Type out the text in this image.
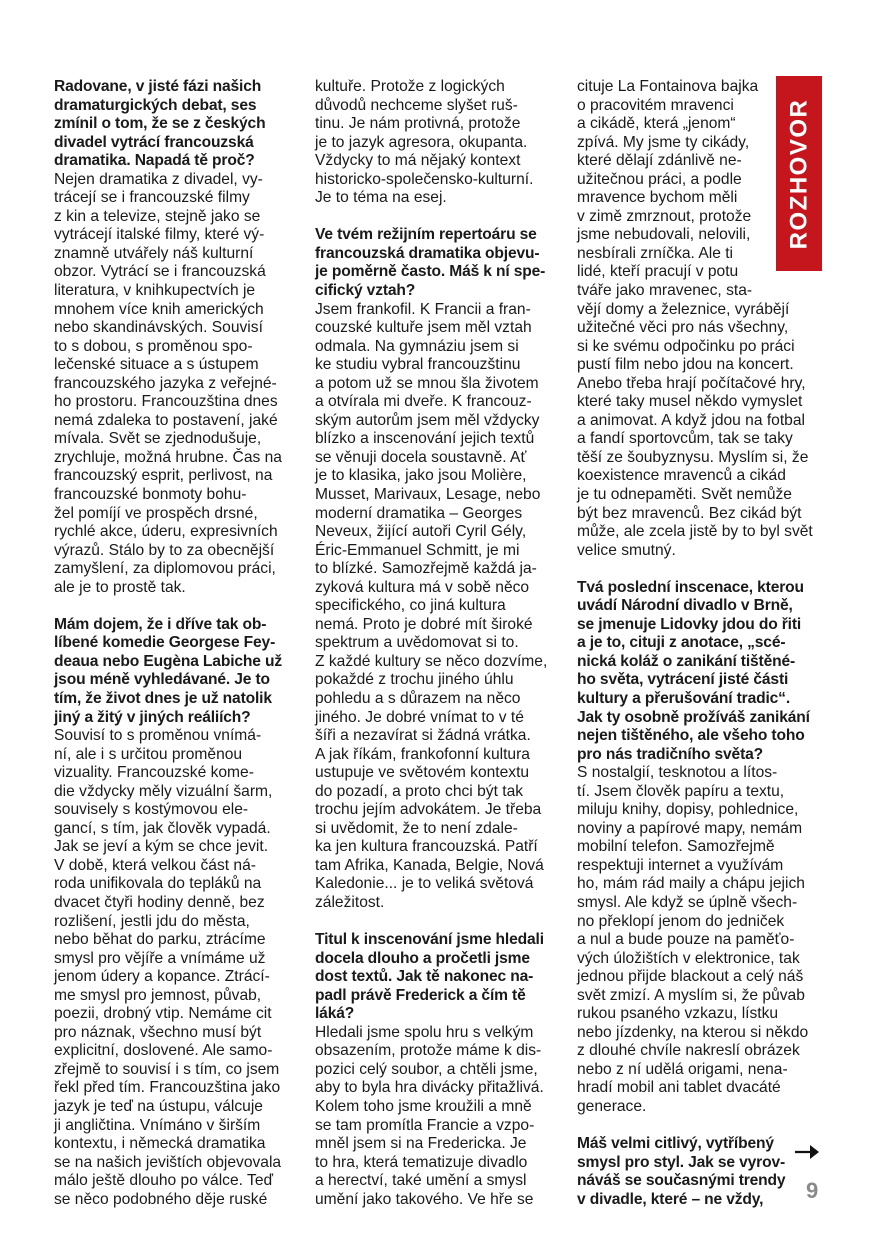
Radovane, v jisté fázi našich
dramaturgických debat, ses
zmínil o tom, že se z českých
divadel vytrácí francouzská
dramatika. Napadá tě proč?
Nejen dramatika z divadel, vy-
trácejí se i francouzské filmy
z kin a televize, stejně jako se
vytrácejí italské filmy, které vý-
znamně utvářely náš kulturní
obzor. Vytrácí se i francouzská
literatura, v knihkupectvích je
mnohem více knih amerických
nebo skandinávských. Souvisí
to s dobou, s proměnou spo-
lečenské situace a s ústupem
francouzského jazyka z veřejné-
ho prostoru. Francouzština dnes
nemá zdaleka to postavení, jaké
mívala. Svět se zjednodušuje,
zrychluje, možná hrubne. Čas na
francouzský esprit, perlivost, na
francouzské bonmoty bohu-
žel pomíjí ve prospěch drsné,
rychlé akce, úderu, expresivních
výrazů. Stálo by to za obecnější
zamyšlení, za diplomovou práci,
ale je to prostě tak.
Mám dojem, že i dříve tak ob-
líbené komedie Georgese Fey-
deaua nebo Eugèna Labiche už
jsou méně vyhledávané. Je to
tím, že život dnes je už natolik
jiný a žitý v jiných reáliích?
Souvisí to s proměnou vnímá-
ní, ale i s určitou proměnou
vizuality. Francouzské kome-
die vždycky měly vizuální šarm,
souvisely s kostýmovou ele-
gancí, s tím, jak člověk vypadá.
Jak se jeví a kým se chce jevit.
V době, která velkou část ná-
roda unifikovala do tepláků na
dvacet čtyři hodiny denně, bez
rozlišení, jestli jdu do města,
nebo běhat do parku, ztrácíme
smysl pro vějíře a vnímáme už
jenom údery a kopance. Ztrácí-
me smysl pro jemnost, půvab,
poezii, drobný vtip. Nemáme cit
pro náznak, všechno musí být
explicitní, doslovené. Ale samo-
zřejmě to souvisí i s tím, co jsem
řekl před tím. Francouzština jako
jazyk je teď na ústupu, válcuje
ji angličtina. Vnímáno v širším
kontextu, i německá dramatika
se na našich jevištích objevovala
málo ještě dlouho po válce. Teď
se něco podobného děje ruské
kultuře. Protože z logických
důvodů nechceme slyšet ruš-
tinu. Je nám protivná, protože
je to jazyk agresora, okupanta.
Vždycky to má nějaký kontext
historicko-společensko-kulturní.
Je to téma na esej.
Ve tvém režijním repertoáru se
francouzská dramatika objevu-
je poměrně často. Máš k ní spe-
cifický vztah?
Jsem frankofil. K Francii a fran-
couzské kultuře jsem měl vztah
odmala. Na gymnáziu jsem si
ke studiu vybral francouzštinu
a potom už se mnou šla životem
a otvírala mi dveře. K francouz-
ským autorům jsem měl vždycky
blízko a inscenování jejich textů
se věnuji docela soustavně. Ať
je to klasika, jako jsou Molière,
Musset, Marivaux, Lesage, nebo
moderní dramatika – Georges
Neveux, žijící autoři Cyril Gély,
Éric-Emmanuel Schmitt, je mi
to blízké. Samozřejmě každá ja-
zyková kultura má v sobě něco
specifického, co jiná kultura
nemá. Proto je dobré mít široké
spektrum a uvědomovat si to.
Z každé kultury se něco dozvíme,
pokaždé z trochu jiného úhlu
pohledu a s důrazem na něco
jiného. Je dobré vnímat to v té
šíři a nezavírat si žádná vrátka.
A jak říkám, frankofonní kultura
ustupuje ve světovém kontextu
do pozadí, a proto chci být tak
trochu jejím advokátem. Je třeba
si uvědomit, že to není zdale-
ka jen kultura francouzská. Patří
tam Afrika, Kanada, Belgie, Nová
Kaledonie... je to veliká světová
záležitost.
Titul k inscenování jsme hledali
docela dlouho a pročetli jsme
dost textů. Jak tě nakonec na-
padl právě Frederick a čím tě
láká?
Hledali jsme spolu hru s velkým
obsazením, protože máme k dis-
pozici celý soubor, a chtěli jsme,
aby to byla hra divácky přitažlivá.
Kolem toho jsme kroužili a mně
se tam promítla Francie a vzpo-
mněl jsem si na Fredericka. Je
to hra, která tematizuje divadlo
a herectví, také umění a smysl
umění jako takového. Ve hře se
cituje La Fontainova bajka
o pracovitém mravenci
a cikádě, která „jenom“
zpívá. My jsme ty cikády,
které dělají zdánlivě ne-
užitečnou práci, a podle
mravence bychom měli
v zimě zmrznout, protože
jsme nebudovali, nelovili,
nesbírali zrníčka. Ale ti
lidé, kteří pracují v potu
tváře jako mravenec, sta-
vějí domy a železnice, vyrábějí
užitečné věci pro nás všechny,
si ke svému odpočinku po práci
pustí film nebo jdou na koncert.
Anebo třeba hrají počítačové hry,
které taky musel někdo vymyslet
a animovat. A když jdou na fotbal
a fandí sportovcům, tak se taky
těší ze šoubyznysu. Myslím si, že
koexistence mravenců a cikád
je tu odnepaměti. Svět nemůže
být bez mravenců. Bez cikád být
může, ale zcela jistě by to byl svět
velice smutný.
Tvá poslední inscenace, kterou
uvádí Národní divadlo v Brně,
se jmenuje Lidovky jdou do řiti
a je to, cituji z anotace, „scé-
nická koláž o zanikání tištěné-
ho světa, vytrácení jisté části
kultury a přerušování tradic“.
Jak ty osobně prožíváš zanikání
nejen tištěného, ale všeho toho
pro nás tradičního světa?
S nostalgií, tesknotou a lítos-
tí. Jsem člověk papíru a textu,
miluju knihy, dopisy, pohlednice,
noviny a papírové mapy, nemám
mobilní telefon. Samozřejmě
respektuji internet a využívám
ho, mám rád maily a chápu jejich
smysl. Ale když se úplně všech-
no překlopí jenom do jedniček
a nul a bude pouze na paměťo-
vých úložištích v elektronice, tak
jednou přijde blackout a celý náš
svět zmizí. A myslím si, že půvab
rukou psaného vzkazu, lístku
nebo jízdenky, na kterou si někdo
z dlouhé chvíle nakreslí obrázek
nebo z ní udělá origami, nena-
hradí mobil ani tablet dvacáté
generace.
Máš velmi citlivý, vytříbený
smysl pro styl. Jak se vyrov-
náváš se současnými trendy
v divadle, které – ne vždy,
ROZHOVOR
9
